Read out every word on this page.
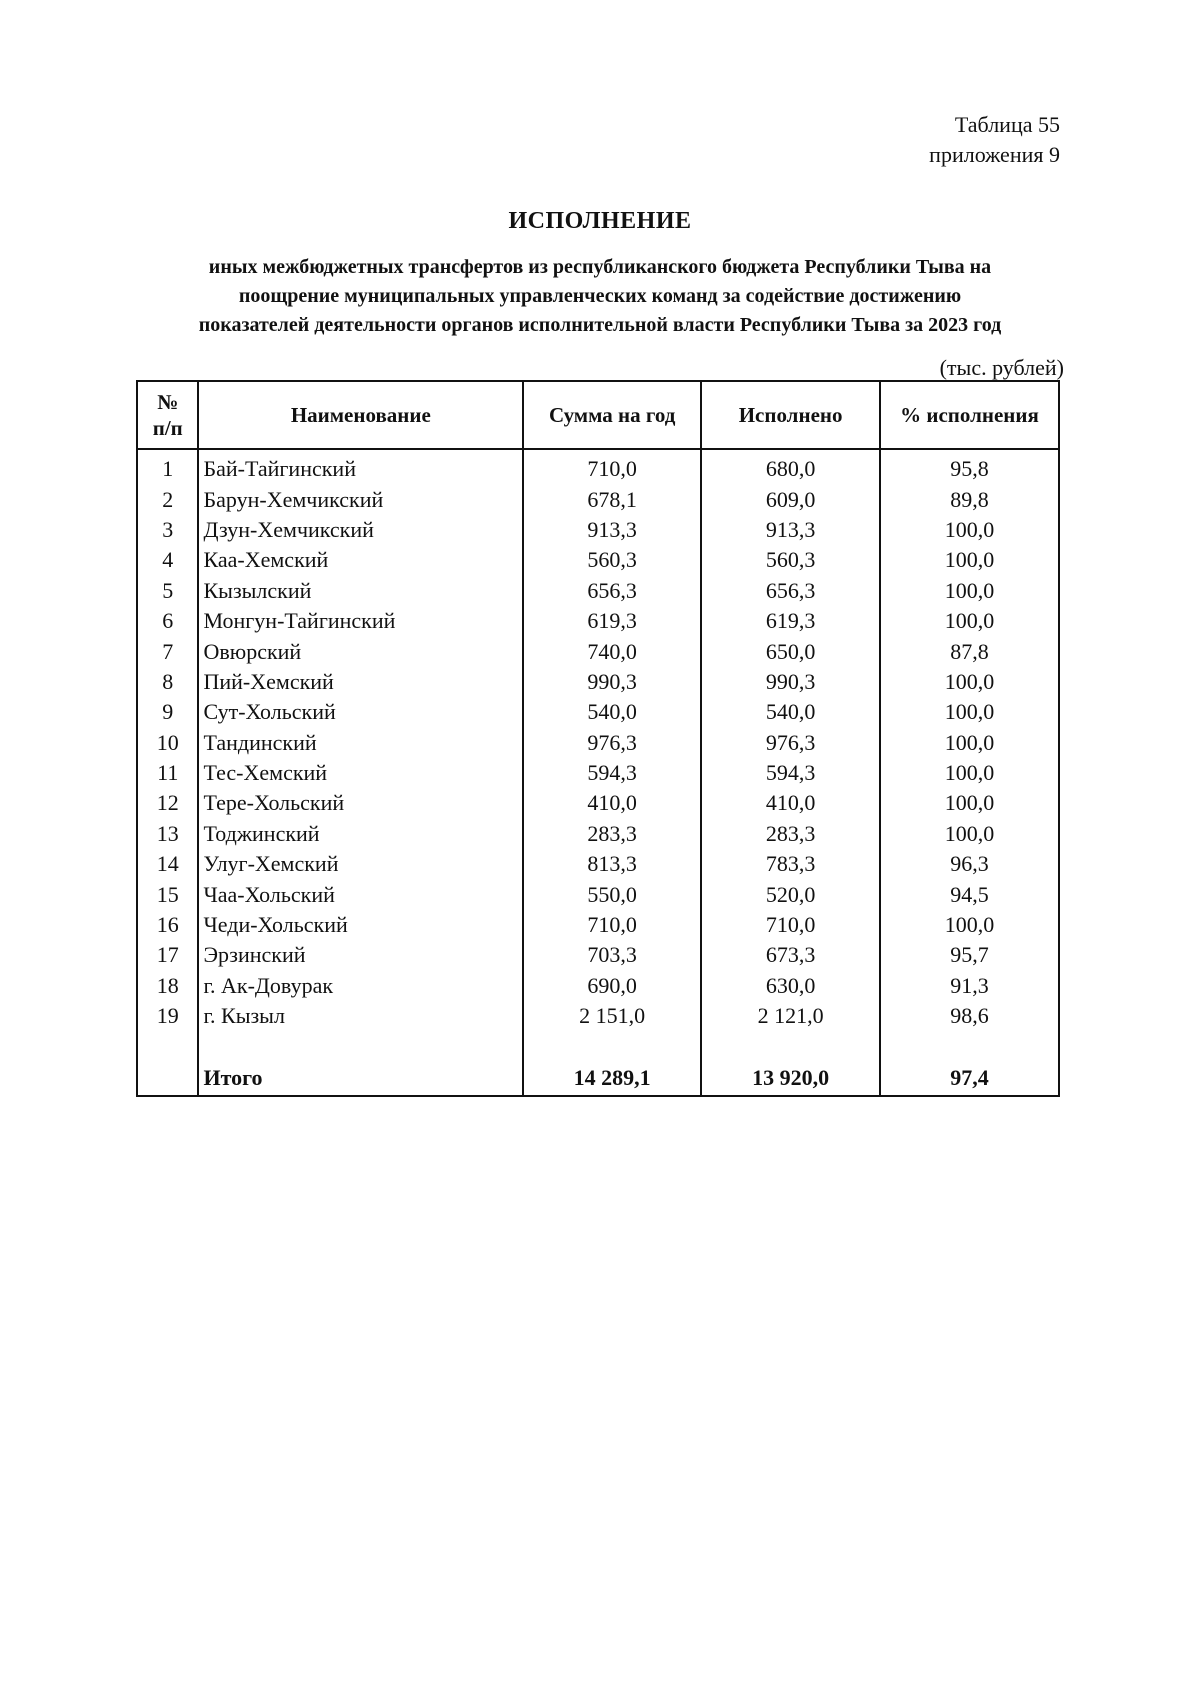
Таблица 55
приложения 9
ИСПОЛНЕНИЕ
иных межбюджетных трансфертов из республиканского бюджета Республики Тыва на
поощрение муниципальных управленческих команд за содействие достижению
показателей деятельности органов исполнительной власти Республики Тыва за 2023 год
(тыс. рублей)
№
п/п	Наименование	Сумма на год	Исполнено	% исполнения
1	Бай-Тайгинский	710,0	680,0	95,8
2	Барун-Хемчикский	678,1	609,0	89,8
3	Дзун-Хемчикский	913,3	913,3	100,0
4	Каа-Хемский	560,3	560,3	100,0
5	Кызылский	656,3	656,3	100,0
6	Монгун-Тайгинский	619,3	619,3	100,0
7	Овюрский	740,0	650,0	87,8
8	Пий-Хемский	990,3	990,3	100,0
9	Сут-Хольский	540,0	540,0	100,0
10	Тандинский	976,3	976,3	100,0
11	Тес-Хемский	594,3	594,3	100,0
12	Тере-Хольский	410,0	410,0	100,0
13	Тоджинский	283,3	283,3	100,0
14	Улуг-Хемский	813,3	783,3	96,3
15	Чаа-Хольский	550,0	520,0	94,5
16	Чеди-Хольский	710,0	710,0	100,0
17	Эрзинский	703,3	673,3	95,7
18	г. Ак-Довурак	690,0	630,0	91,3
19	г. Кызыл	2 151,0	2 121,0	98,6

	Итого	14 289,1	13 920,0	97,4
